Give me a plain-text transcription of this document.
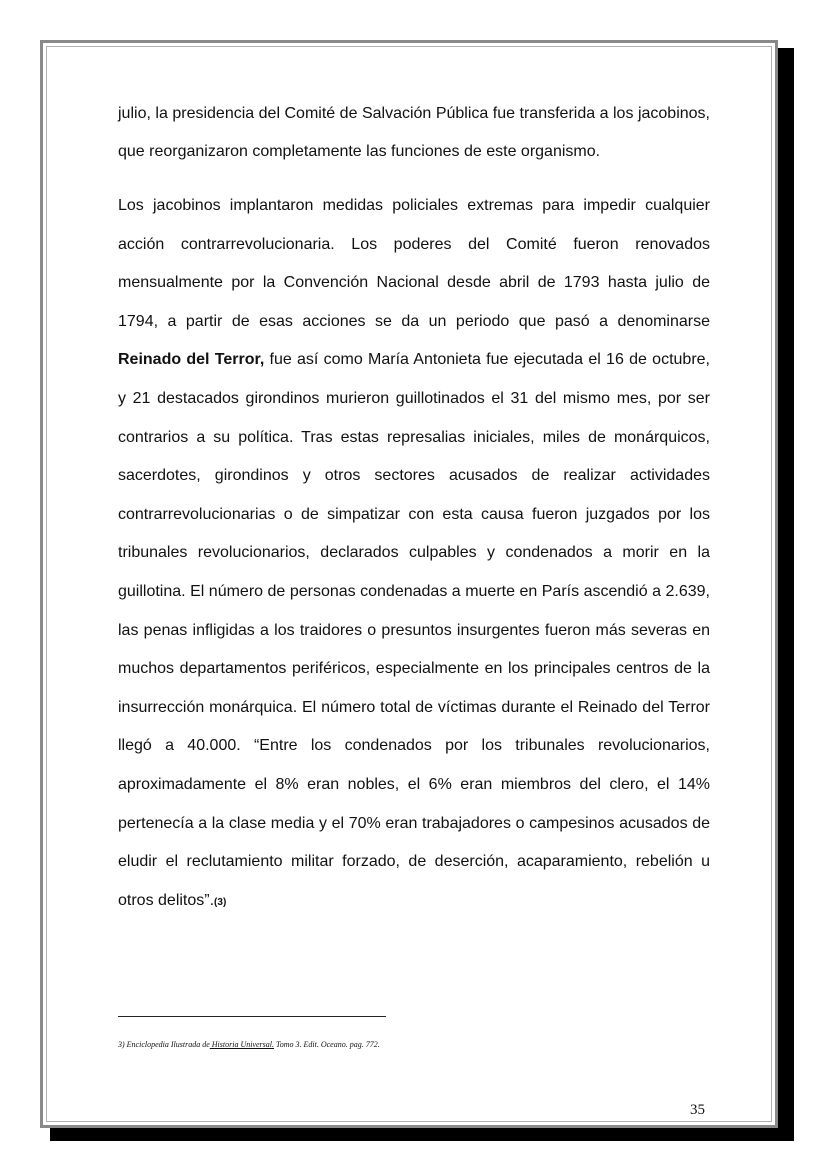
julio, la presidencia del Comité de Salvación Pública fue transferida a los jacobinos, que reorganizaron completamente las funciones de este organismo.

Los jacobinos implantaron medidas policiales extremas para impedir cualquier acción contrarrevolucionaria. Los poderes del Comité fueron renovados mensualmente por la Convención Nacional desde abril de 1793 hasta julio de 1794, a partir de esas acciones se da un periodo que pasó a denominarse Reinado del Terror, fue así como María Antonieta fue ejecutada el 16 de octubre, y 21 destacados girondinos murieron guillotinados el 31 del mismo mes, por ser contrarios a su política. Tras estas represalias iniciales, miles de monárquicos, sacerdotes, girondinos y otros sectores acusados de realizar actividades contrarrevolucionarias o de simpatizar con esta causa fueron juzgados por los tribunales revolucionarios, declarados culpables y condenados a morir en la guillotina. El número de personas condenadas a muerte en París ascendió a 2.639, las penas infligidas a los traidores o presuntos insurgentes fueron más severas en muchos departamentos periféricos, especialmente en los principales centros de la insurrección monárquica. El número total de víctimas durante el Reinado del Terror llegó a 40.000. “Entre los condenados por los tribunales revolucionarios, aproximadamente el 8% eran nobles, el 6% eran miembros del clero, el 14% pertenecía a la clase media y el 70% eran trabajadores o campesinos acusados de eludir el reclutamiento militar forzado, de deserción, acaparamiento, rebelión u otros delitos”.(3)

3) Enciclopedia Ilustrada de Historia Universal. Tomo 3. Edit. Oceano. pag. 772.
35
